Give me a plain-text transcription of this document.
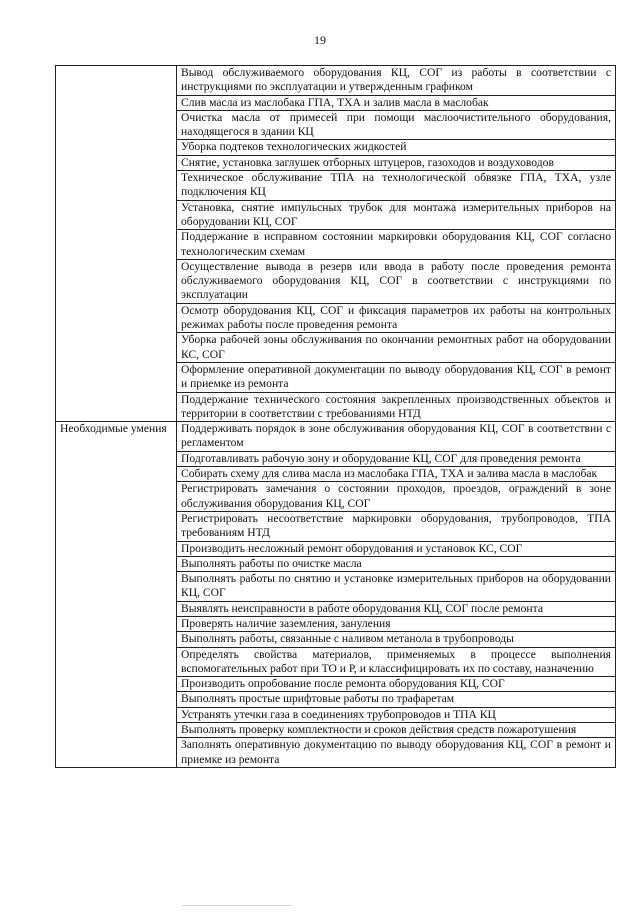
19
	Вывод обслуживаемого оборудования КЦ, СОГ из работы в соответствии с инструкциями по эксплуатации и утвержденным графиком
	Слив масла из маслобака ГПА, ТХА и залив масла в маслобак
	Очистка масла от примесей при помощи маслоочистительного оборудования, находящегося в здании КЦ
	Уборка подтеков технологических жидкостей
	Снятие, установка заглушек отборных штуцеров, газоходов и воздуховодов
	Техническое обслуживание ТПА на технологической обвязке ГПА, ТХА, узле подключения КЦ
	Установка, снятие импульсных трубок для монтажа измерительных приборов на оборудовании КЦ, СОГ
	Поддержание в исправном состоянии маркировки оборудования КЦ, СОГ согласно технологическим схемам
	Осуществление вывода в резерв или ввода в работу после проведения ремонта обслуживаемого оборудования КЦ, СОГ в соответствии с инструкциями по эксплуатации
	Осмотр оборудования КЦ, СОГ и фиксация параметров их работы на контрольных режимах работы после проведения ремонта
	Уборка рабочей зоны обслуживания по окончании ремонтных работ на оборудовании КС, СОГ
	Оформление оперативной документации по выводу оборудования КЦ, СОГ в ремонт и приемке из ремонта
	Поддержание технического состояния закрепленных производственных объектов и территории в соответствии с требованиями НТД
Необходимые умения	Поддерживать порядок в зоне обслуживания оборудования КЦ, СОГ в соответствии с регламентом
	Подготавливать рабочую зону и оборудование КЦ, СОГ для проведения ремонта
	Собирать схему для слива масла из маслобака ГПА, ТХА и залива масла в маслобак
	Регистрировать замечания о состоянии проходов, проездов, ограждений в зоне обслуживания оборудования КЦ, СОГ
	Регистрировать несоответствие маркировки оборудования, трубопроводов, ТПА требованиям НТД
	Производить несложный ремонт оборудования и установок КС, СОГ
	Выполнять работы по очистке масла
	Выполнять работы по снятию и установке измерительных приборов на оборудовании КЦ, СОГ
	Выявлять неисправности в работе оборудования КЦ, СОГ после ремонта
	Проверять наличие заземления, зануления
	Выполнять работы, связанные с наливом метанола в трубопроводы
	Определять свойства материалов, применяемых в процессе выполнения вспомогательных работ при ТО и Р, и классифицировать их по составу, назначению
	Производить опробование после ремонта оборудования КЦ, СОГ
	Выполнять простые шрифтовые работы по трафаретам
	Устранять утечки газа в соединениях трубопроводов и ТПА КЦ
	Выполнять проверку комплектности и сроков действия средств пожаротушения
	Заполнять оперативную документацию по выводу оборудования КЦ, СОГ в ремонт и приемке из ремонта
